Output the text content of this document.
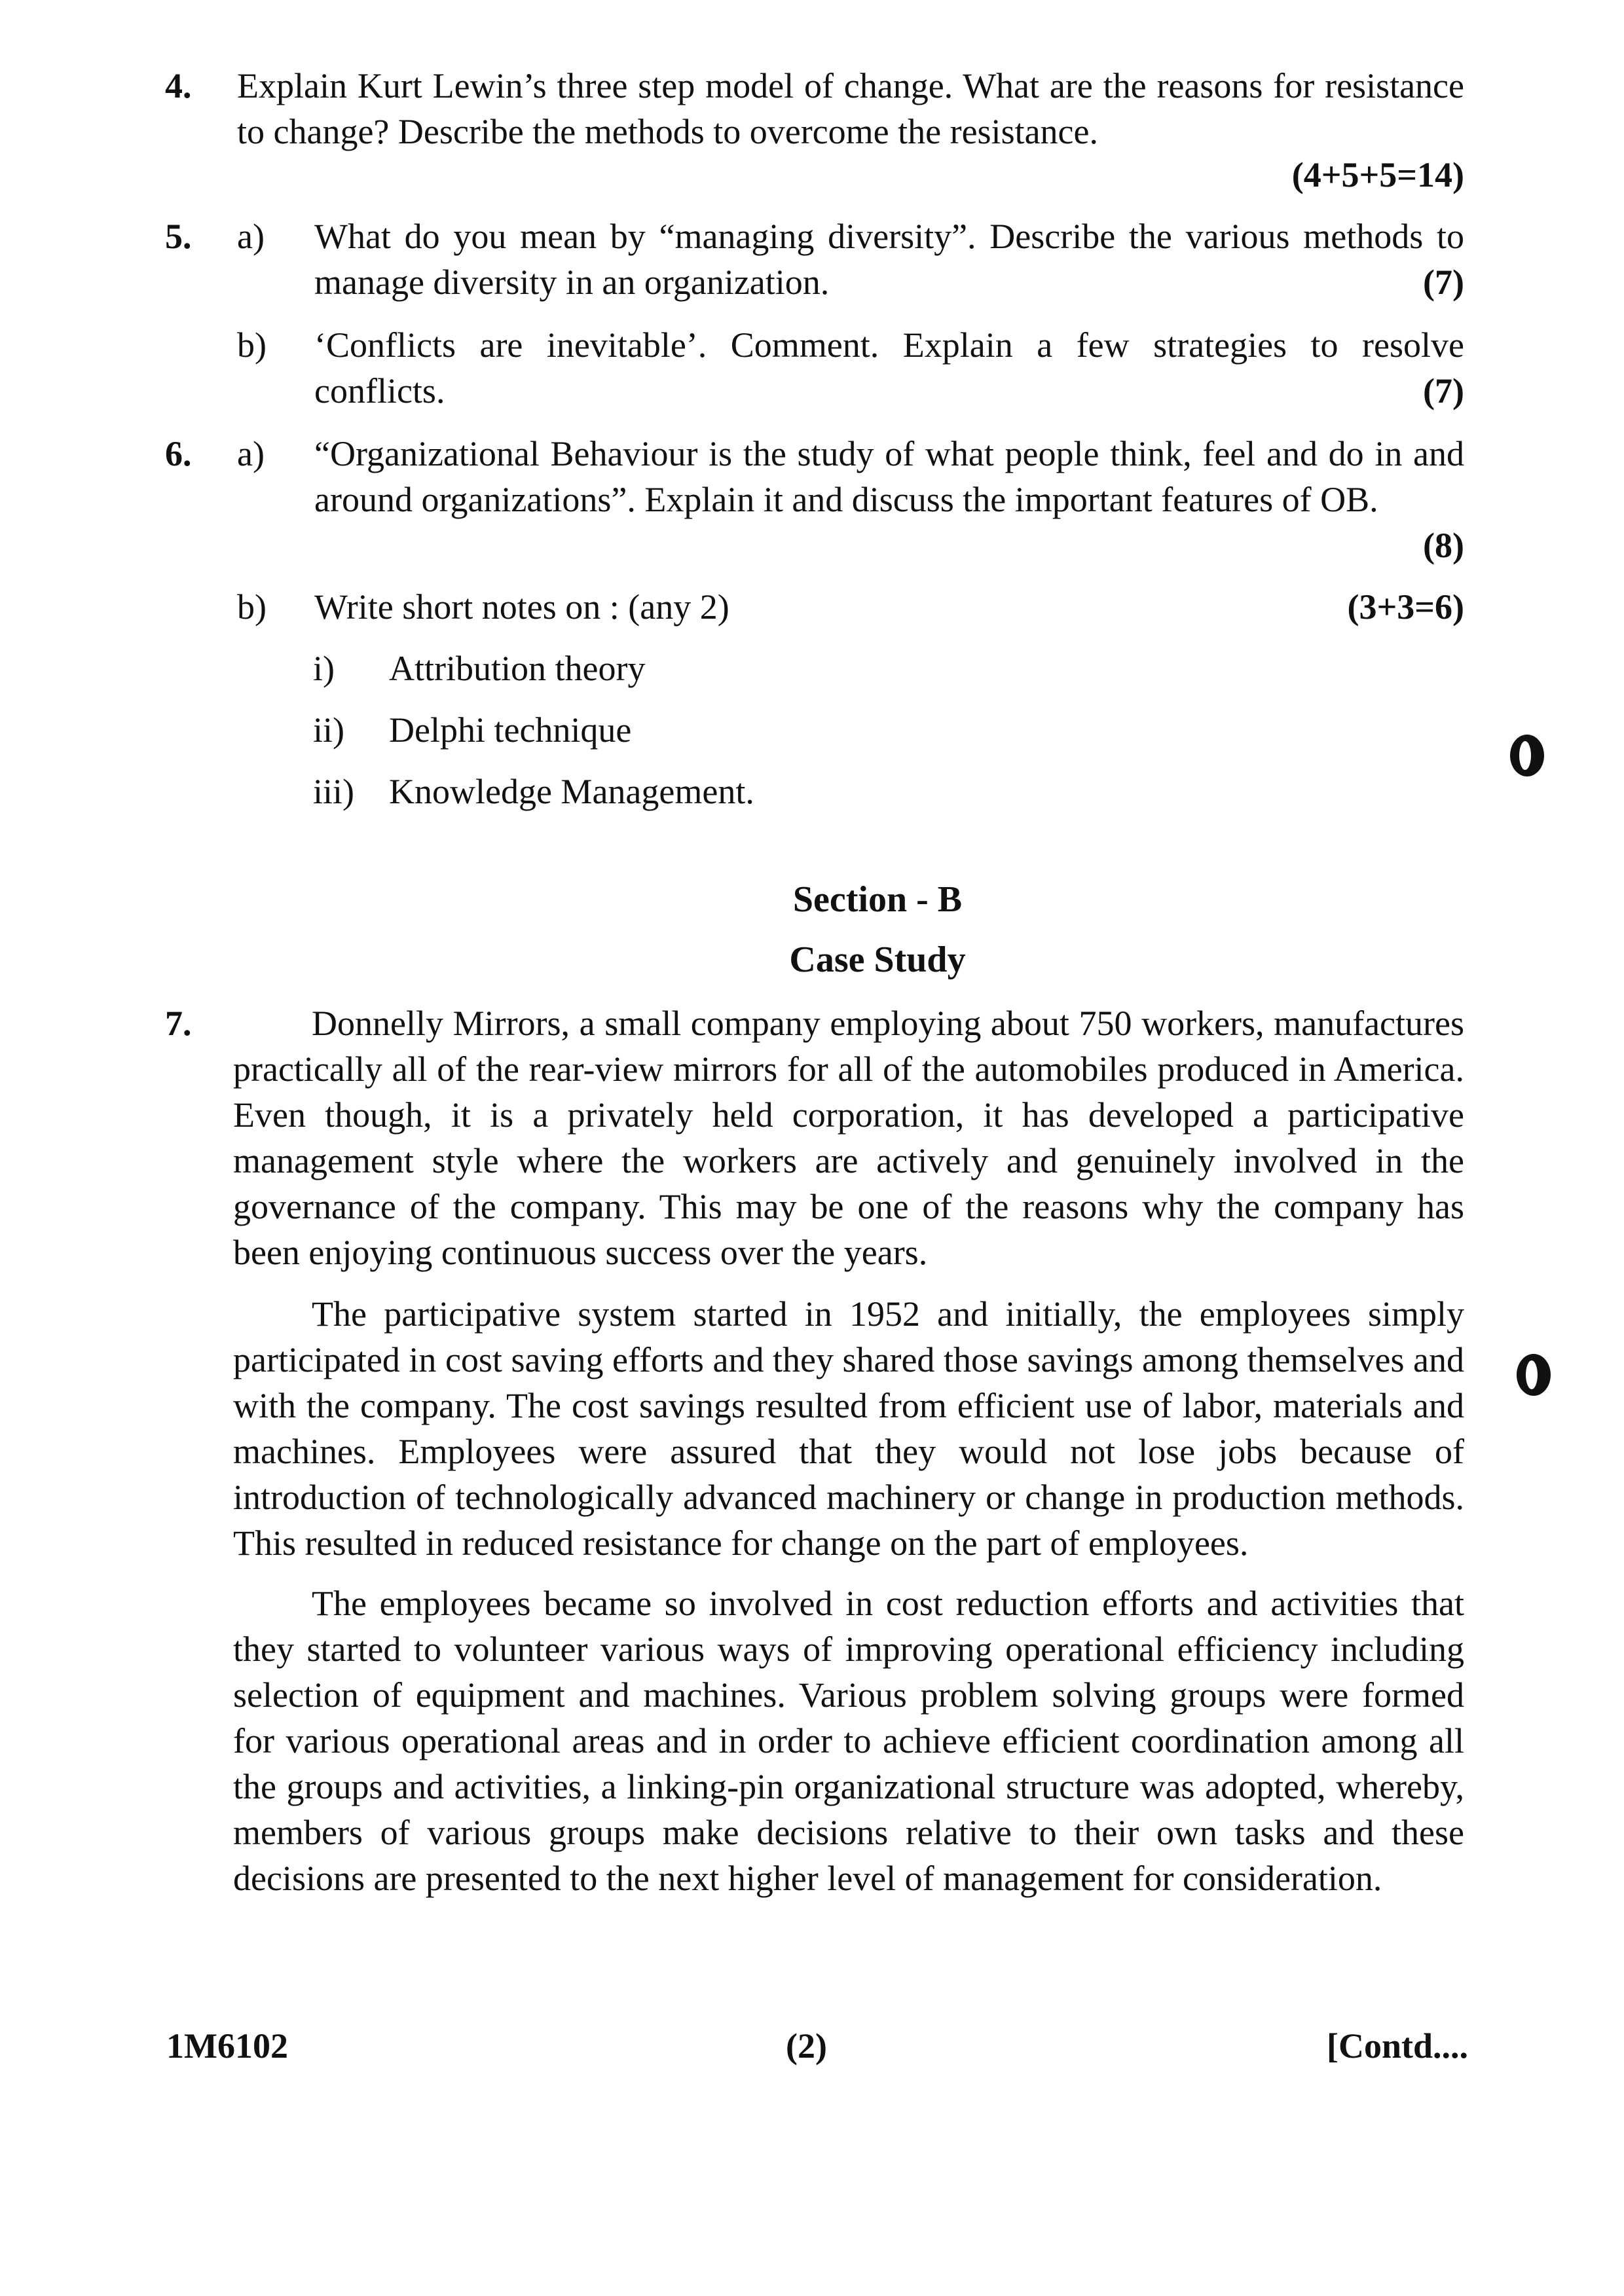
4. Explain Kurt Lewin’s three step model of change. What are the reasons for resistance to change? Describe the methods to overcome the resistance.
(4+5+5=14)
5. a) What do you mean by “managing diversity”. Describe the various methods to manage diversity in an organization.	(7)
b) ‘Conflicts are inevitable’. Comment. Explain a few strategies to resolve conflicts.	(7)
6. a) “Organizational Behaviour is the study of what people think, feel and do in and around organizations”. Explain it and discuss the important features of OB.
(8)
b) Write short notes on : (any 2)	(3+3=6)
i) Attribution theory
ii) Delphi technique
iii) Knowledge Management.
Section - B
Case Study
7.	Donnelly Mirrors, a small company employing about 750 workers, manufactures practically all of the rear-view mirrors for all of the automobiles produced in America. Even though, it is a privately held corporation, it has developed a participative management style where the workers are actively and genuinely involved in the governance of the company. This may be one of the reasons why the company has been enjoying continuous success over the years.
The participative system started in 1952 and initially, the employees simply participated in cost saving efforts and they shared those savings among themselves and with the company. The cost savings resulted from efficient use of labor, materials and machines. Employees were assured that they would not lose jobs because of introduction of technologically advanced machinery or change in production methods. This resulted in reduced resistance for change on the part of employees.
The employees became so involved in cost reduction efforts and activities that they started to volunteer various ways of improving operational efficiency including selection of equipment and machines. Various problem solving groups were formed for various operational areas and in order to achieve efficient coordination among all the groups and activities, a linking-pin organizational structure was adopted, whereby, members of various groups make decisions relative to their own tasks and these decisions are presented to the next higher level of management for consideration.
1M6102	(2)	[Contd....
